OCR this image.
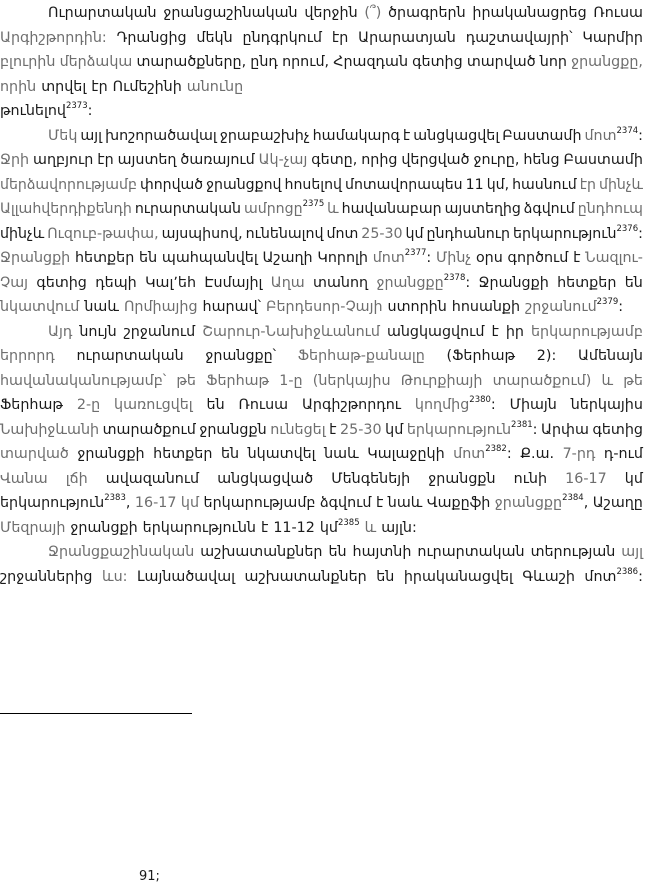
Ուրարտական ջրանցաշինական վերջին (՞) ծրագրերն իրականացրեց Ռուսա
Արգիշթորդին: Դրանցից մեկն ընդգրկում էր Արարատյան դաշտավայրի՝ Կարմիր
բլուրին մերձակա տարածքները, ընդ որում, Հրազդան գետից տարված նոր ջրանցքը,
որին տրվել էր Ումեշինի անունը
թունելով$^{2373}$:
Մեկ այլ խոշորածավալ ջրաբաշխիչ համակարգ է անցկացվել Բաստամի մոտ$^{2374}$:
Ջրի աղբյուր էր այստեղ ծառայում Ակ-չայ գետը, որից վերցված ջուրը, հենց Բաստամի
մերձավորությամբ փորված ջրանցքով հոսելով մոտավորապես 11 կմ, հասնում էր մինչև
Ալլահվերդիքենդի ուրարտական ամրոցը$^{2375}$ և հավանաբար այստեղից ձգվում ընդհուպ
մինչև Ուզուբ-թափա, այսպիսով, ունենալով մոտ 25-30 կմ ընդհանուր երկարություն$^{2376}$:
Ջրանցքի հետքեր են պահպանվել Աշաղի Կորոլի մոտ$^{2377}$: Մինչ օրս գործում է Նազլու-
Չայ գետից դեպի Կալ՚եհ Էսմայիլ Աղա տանող ջրանցքը$^{2378}$: Ջրանցքի հետքեր են
նկատվում նաև Որմիայից հարավ՝ Բերդեսոր-Չայի ստորին հոսանքի շրջանում$^{2379}$:
Այդ նույն շրջանում Շարուր-Նախիջևանում անցկացվում է իր երկարությամբ
երրորդ ուրարտական ջրանցքը՝ Ֆերհաթ-քանալը (Ֆերհաթ 2): Ամենայն
հավանականությամբ՝ թե Ֆերհաթ 1-ը (ներկայիս Թուրքիայի տարածքում) և թե
Ֆերհաթ 2-ը կառուցվել են Ռուսա Արգիշթորդու կողմից$^{2380}$: Միայն ներկայիս
Նախիջևանի տարածքում ջրանցքն ունեցել է 25-30 կմ երկարություն$^{2381}$: Արփա գետից
տարված ջրանցքի հետքեր են նկատվել նաև Կալաջըկի մոտ$^{2382}$: Ք.ա. 7-րդ դ-ում
Վանա լճի ավազանում անցկացված Մենգենեյի ջրանցքն ունի 16-17 կմ
երկարություն$^{2383}$, 16-17 կմ երկարությամբ ձգվում է նաև Վաքըֆի ջրանցքը$^{2384}$, Աշաղը
Մեզրայի ջրանցքի երկարությունն է 11-12 կմ$^{2385}$ և այլն:
Ջրանցքաշինական աշխատանքներ են հայտնի ուրարտական տերության այլ
շրջաններից ևս: Լայնածավալ աշխատանքներ են իրականացվել Գևաշի մոտ$^{2386}$:
91;
